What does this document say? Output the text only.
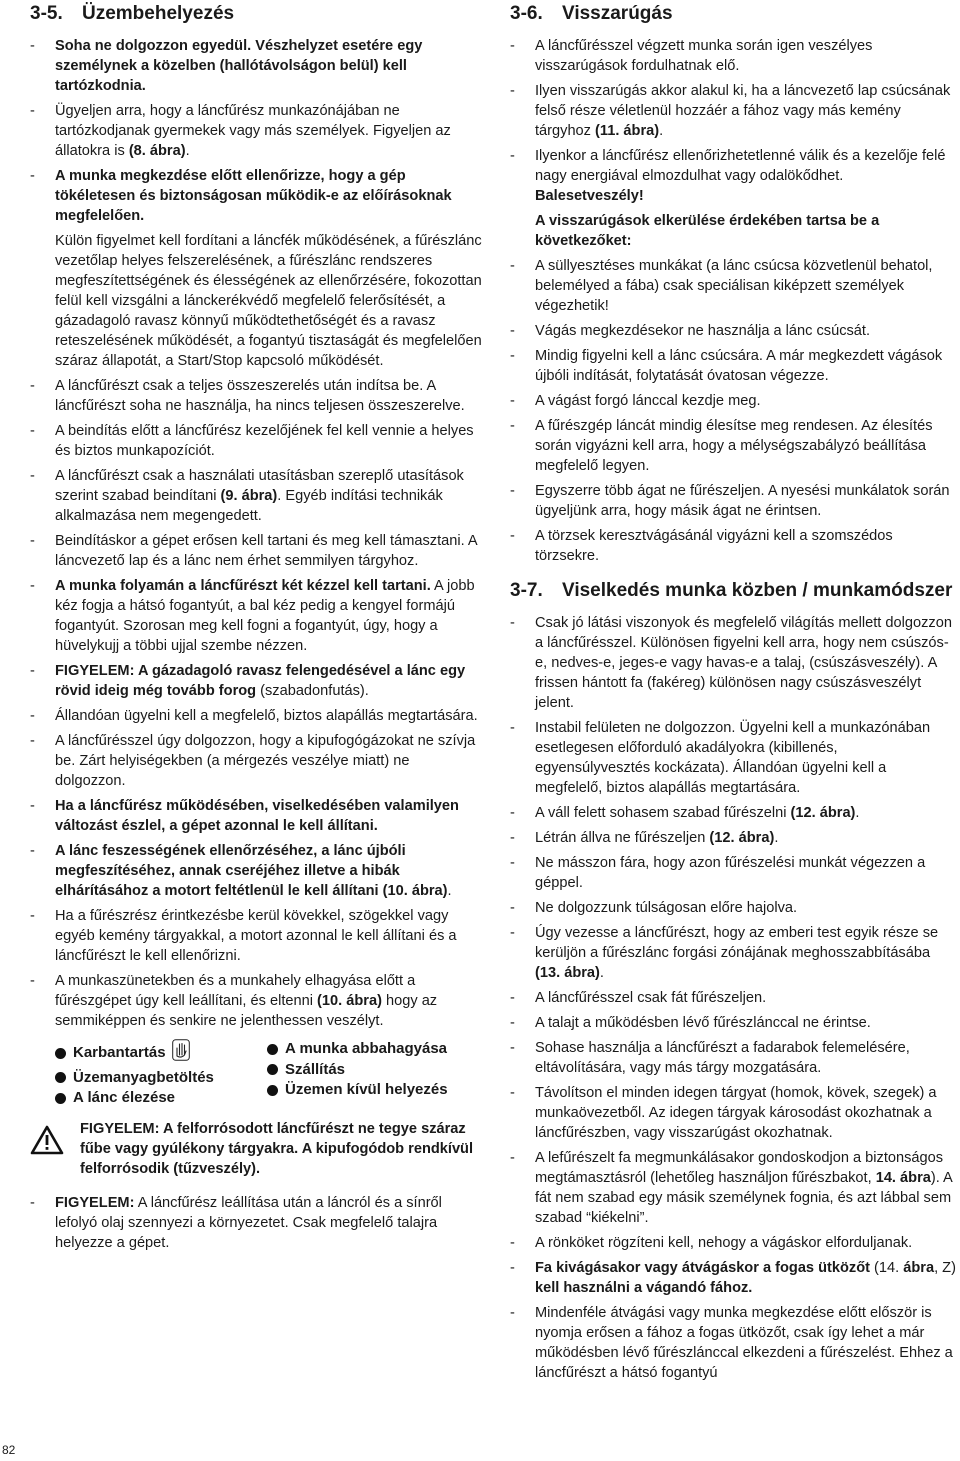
3-5.	Üzembehelyezés
- Soha ne dolgozzon egyedül. Vészhelyzet esetére egy személynek a közelben (hallótávolságon belül) kell tartózkodnia.
- Ügyeljen arra, hogy a láncfűrész munkazónájában ne tartózkodjanak gyermekek vagy más személyek. Figyeljen az állatokra is (8. ábra).
- A munka megkezdése előtt ellenőrizze, hogy a gép tökéletesen és biztonságosan működik-e az előírásoknak megfelelően.

Külön figyelmet kell fordítani a láncfék működésének, a fűrészlánc vezetőlap helyes felszerelésének, a fűrészlánc rendszeres megfeszítettségének és élességének az ellenőrzésére, fokozottan felül kell vizsgálni a lánckerékvédő megfelelő felerősítését, a gázadagoló ravasz könnyű működtethetőségét és a ravasz reteszelésének működését, a fogantyú tisztaságát és megfelelően száraz állapotát, a Start/Stop kapcsoló működését.

- A láncfűrészt csak a teljes összeszerelés után indítsa be. A láncfűrészt soha ne használja, ha nincs teljesen összeszerelve.
- A beindítás előtt a láncfűrész kezelőjének fel kell vennie a helyes és biztos munkapozíciót.
- A láncfűrészt csak a használati utasításban szereplő utasítások szerint szabad beindítani (9. ábra). Egyéb indítási technikák alkalmazása nem megengedett.
- Beindításkor a gépet erősen kell tartani és meg kell támasztani. A láncvezető lap és a lánc nem érhet semmilyen tárgyhoz.
- A munka folyamán a láncfűrészt két kézzel kell tartani. A jobb kéz fogja a hátsó fogantyút, a bal kéz pedig a kengyel formájú fogantyút. Szorosan meg kell fogni a fogantyút, úgy, hogy a hüvelykujj a többi ujjal szembe nézzen.
- FIGYELEM: A gázadagoló ravasz felengedésével a lánc egy rövid ideig még tovább forog (szabadonfutás).
- Állandóan ügyelni kell a megfelelő, biztos alapállás megtartására.
- A láncfűrésszel úgy dolgozzon, hogy a kipufogógázokat ne szívja be. Zárt helyiségekben (a mérgezés veszélye miatt) ne dolgozzon.
- Ha a láncfűrész működésében, viselkedésében valamilyen változást észlel, a gépet azonnal le kell állítani.
- A lánc feszességének ellenőrzéséhez, a lánc újbóli megfeszítéséhez, annak cseréjéhez illetve a hibák elhárításához a motort feltétlenül le kell állítani (10. ábra).
- Ha a fűrészrész érintkezésbe kerül kövekkel, szögekkel vagy egyéb kemény tárgyakkal, a motort azonnal le kell állítani és a láncfűrészt le kell ellenőrizni.
- A munkaszünetekben és a munkahely elhagyása előtt a fűrészgépet úgy kell leállítani, és eltenni (10. ábra) hogy az semmiképpen és senkire ne jelenthessen veszélyt.
Karbantartás
Üzemanyagbetöltés
A lánc élezése
A munka abbahagyása
Szállítás
Üzemen kívül helyezés
FIGYELEM: A felforrósodott láncfűrészt ne tegye száraz fűbe vagy gyúlékony tárgyakra. A kipufogódob rendkívül felforrósodik (tűzveszély).
- FIGYELEM: A láncfűrész leállítása után a láncról és a sínről lefolyó olaj szennyezi a környezetet. Csak megfelelő talajra helyezze a gépet.
3-6.	Visszarúgás
- A láncfűrésszel végzett munka során igen veszélyes visszarúgások fordulhatnak elő.
- Ilyen visszarúgás akkor alakul ki, ha a láncvezető lap csúcsának felső része véletlenül hozzáér a fához vagy más kemény tárgyhoz (11. ábra).
- Ilyenkor a láncfűrész ellenőrizhetetlenné válik és a kezelője felé nagy energiával elmozdulhat vagy odalökődhet. Balesetveszély!

A visszarúgások elkerülése érdekében tartsa be a következőket:

- A süllyesztéses munkákat (a lánc csúcsa közvetlenül behatol, belemélyed a fába) csak speciálisan kiképzett személyek végezhetik!
- Vágás megkezdésekor ne használja a lánc csúcsát.
- Mindig figyelni kell a lánc csúcsára. A már megkezdett vágások újbóli indítását, folytatását óvatosan végezze.
- A vágást forgó lánccal kezdje meg.
- A fűrészgép láncát mindig élesítse meg rendesen. Az élesítés során vigyázni kell arra, hogy a mélységszabályzó beállítása megfelelő legyen.
- Egyszerre több ágat ne fűrészeljen. A nyesési munkálatok során ügyeljünk arra, hogy másik ágat ne érintsen.
- A törzsek keresztvágásánál vigyázni kell a szomszédos törzsekre.
3-7.	Viselkedés munka közben / munkamódszer
- Csak jó látási viszonyok és megfelelő világítás mellett dolgozzon a láncfűrésszel. Különösen figyelni kell arra, hogy nem csúszós-e, nedves-e, jeges-e vagy havas-e a talaj, (csúszásveszély). A frissen hántott fa (fakéreg) különösen nagy csúszásveszélyt jelent.
- Instabil felületen ne dolgozzon. Ügyelni kell a munkazónában esetlegesen előforduló akadályokra (kibillenés, egyensúlyvesztés kockázata). Állandóan ügyelni kell a megfelelő, biztos alapállás megtartására.
- A váll felett sohasem szabad fűrészelni (12. ábra).
- Létrán állva ne fűrészeljen (12. ábra).
- Ne másszon fára, hogy azon fűrészelési munkát végezzen a géppel.
- Ne dolgozzunk túlságosan előre hajolva.
- Úgy vezesse a láncfűrészt, hogy az emberi test egyik része se kerüljön a fűrészlánc forgási zónájának meghosszabbításába (13. ábra).
- A láncfűrésszel csak fát fűrészeljen.
- A talajt a működésben lévő fűrészlánccal ne érintse.
- Sohase használja a láncfűrészt a fadarabok felemelésére, eltávolítására, vagy más tárgy mozgatására.
- Távolítson el minden idegen tárgyat (homok, kövek, szegek) a munkaövezetből. Az idegen tárgyak károsodást okozhatnak a láncfűrészben, vagy visszarúgást okozhatnak.
- A lefűrészelt fa megmunkálásakor gondoskodjon a biztonságos megtámasztásról (lehetőleg használjon fűrészbakot, 14. ábra). A fát nem szabad egy másik személynek fognia, és azt lábbal sem szabad “kiékelni”.
- A rönköket rögzíteni kell, nehogy a vágáskor elforduljanak.
- Fa kivágásakor vagy átvágáskor a fogas ütközőt (14. ábra, Z) kell használni a vágandó fához.
- Mindenféle átvágási vagy munka megkezdése előtt először is nyomja erősen a fához a fogas ütközőt, csak így lehet a már működésben lévő fűrészlánccal elkezdeni a fűrészelést. Ehhez a láncfűrészt a hátsó fogantyú
82
